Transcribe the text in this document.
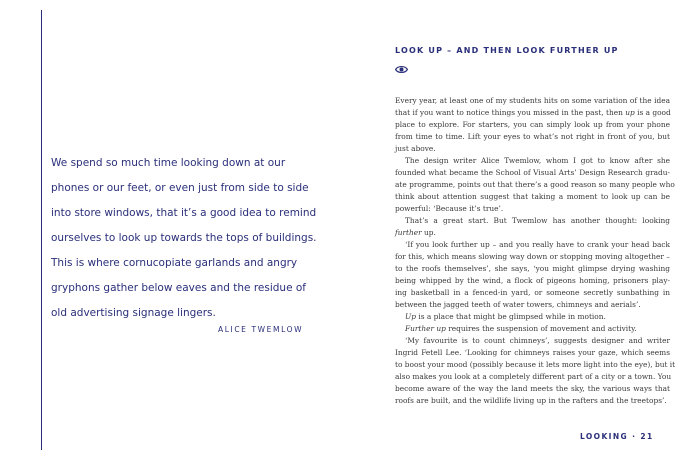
We spend so much time looking down at our
phones or our feet, or even just from side to side
into store windows, that it’s a good idea to remind
ourselves to look up towards the tops of buildings.
This is where cornucopiate garlands and angry
gryphons gather below eaves and the residue of
old advertising signage lingers.

ALICE TWEMLOW
LOOK UP – AND THEN LOOK FURTHER UP
Every year, at least one of my students hits on some variation of the idea
that if you want to notice things you missed in the past, then up is a good
place to explore. For starters, you can simply look up from your phone
from time to time. Lift your eyes to what’s not right in front of you, but
just above.
The design writer Alice Twemlow, whom I got to know after she
founded what became the School of Visual Arts’ Design Research gradu-
ate programme, points out that there’s a good reason so many people who
think about attention suggest that taking a moment to look up can be
powerful: ‘Because it’s true’.
That’s a great start. But Twemlow has another thought: looking
further up.
‘If you look further up – and you really have to crank your head back
for this, which means slowing way down or stopping moving altogether –
to the roofs themselves’, she says, ‘you might glimpse drying washing
being whipped by the wind, a flock of pigeons homing, prisoners play-
ing basketball in a fenced-in yard, or someone secretly sunbathing in
between the jagged teeth of water towers, chimneys and aerials’.
Up is a place that might be glimpsed while in motion.
Further up requires the suspension of movement and activity.
‘My favourite is to count chimneys’, suggests designer and writer
Ingrid Fetell Lee. ‘Looking for chimneys raises your gaze, which seems
to boost your mood (possibly because it lets more light into the eye), but it
also makes you look at a completely different part of a city or a town. You
become aware of the way the land meets the sky, the various ways that
roofs are built, and the wildlife living up in the rafters and the treetops’.
LOOKING · 21
